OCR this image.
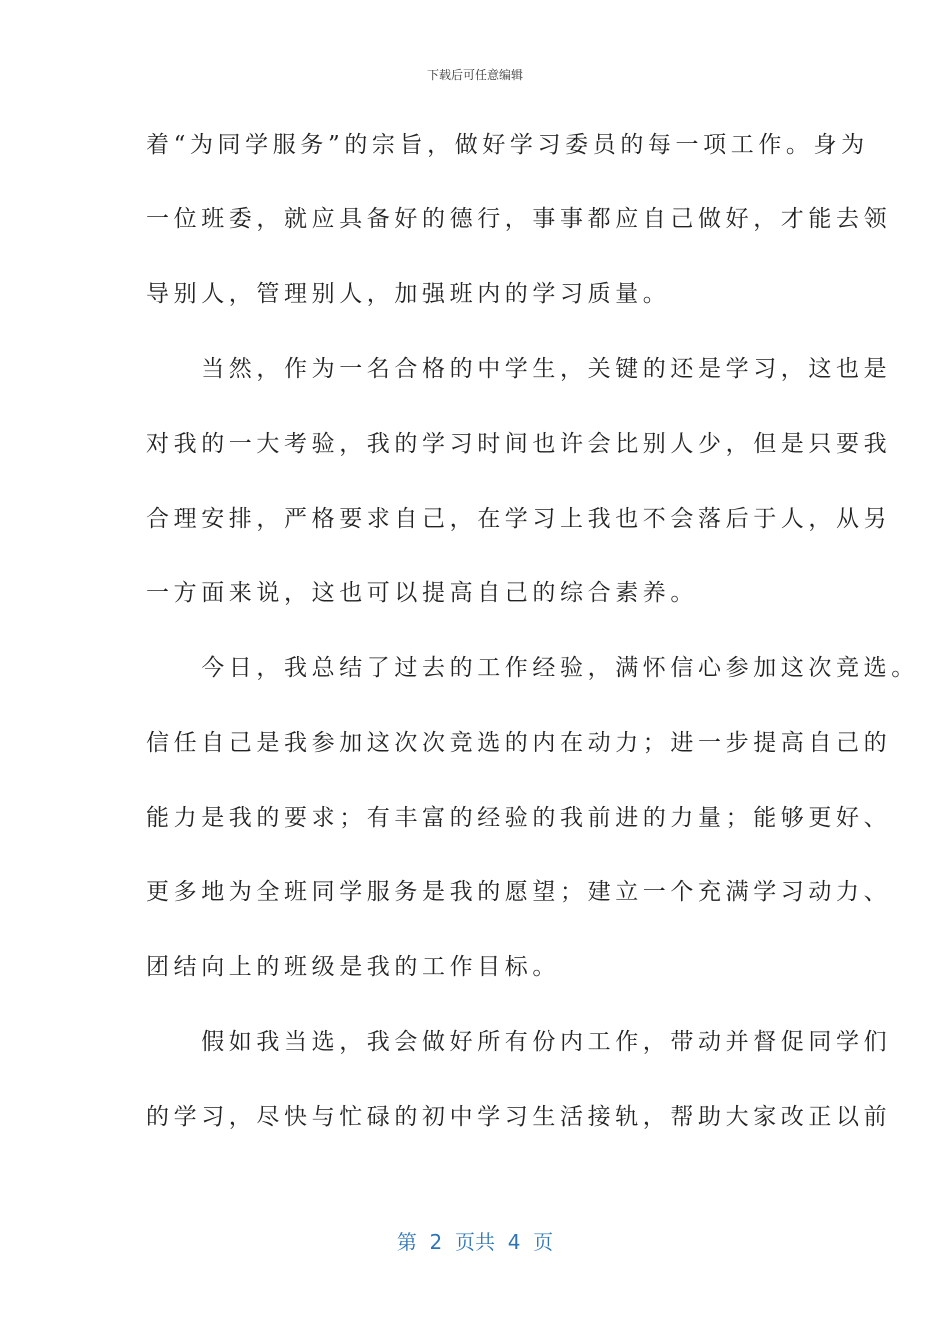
下载后可任意编辑
着“为同学服务”的宗旨，做好学习委员的每一项工作。身为
一位班委，就应具备好的德行，事事都应自己做好，才能去领
导别人，管理别人，加强班内的学习质量。
　　当然，作为一名合格的中学生，关键的还是学习，这也是
对我的一大考验，我的学习时间也许会比别人少，但是只要我
合理安排，严格要求自己，在学习上我也不会落后于人，从另
一方面来说，这也可以提高自己的综合素养。
　　今日，我总结了过去的工作经验，满怀信心参加这次竞选。
信任自己是我参加这次次竞选的内在动力；进一步提高自己的
能力是我的要求；有丰富的经验的我前进的力量；能够更好、
更多地为全班同学服务是我的愿望；建立一个充满学习动力、
团结向上的班级是我的工作目标。
　　假如我当选，我会做好所有份内工作，带动并督促同学们
的学习，尽快与忙碌的初中学习生活接轨，帮助大家改正以前
第  2  页共  4  页
